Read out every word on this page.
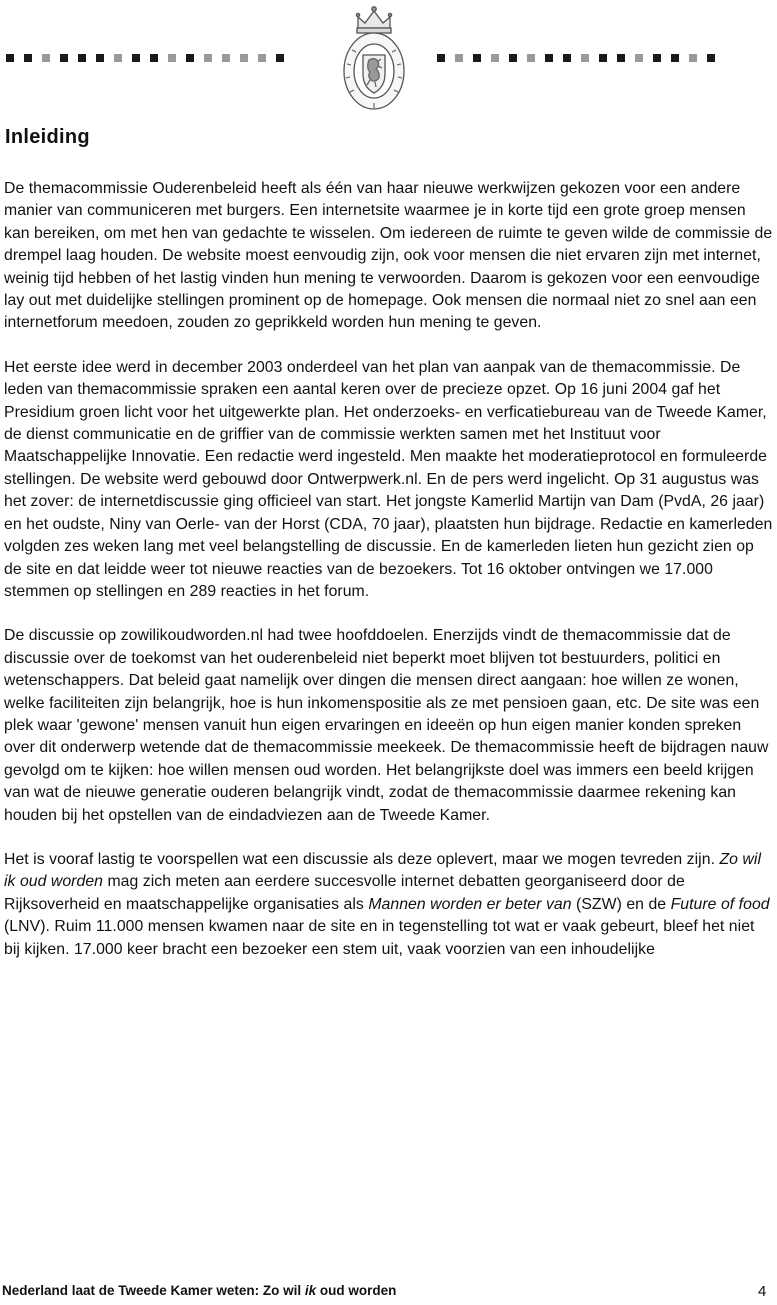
Inleiding

De themacommissie Ouderenbeleid heeft als één van haar nieuwe werkwijzen gekozen voor een andere manier van communiceren met burgers. Een internetsite waarmee je in korte tijd een grote groep mensen kan bereiken, om met hen van gedachte te wisselen. Om iedereen de ruimte te geven wilde de commissie de drempel laag houden. De website moest eenvoudig zijn, ook voor mensen die niet ervaren zijn met internet, weinig tijd hebben of het lastig vinden hun mening te verwoorden. Daarom is gekozen voor een eenvoudige lay out met duidelijke stellingen prominent op de homepage. Ook mensen die normaal niet zo snel aan een internetforum meedoen, zouden zo geprikkeld worden hun mening te geven.

Het eerste idee werd in december 2003 onderdeel van het plan van aanpak van de themacommissie. De leden van themacommissie spraken een aantal keren over de precieze opzet. Op 16 juni 2004 gaf het Presidium groen licht voor het uitgewerkte plan. Het onderzoeks- en verficatiebureau van de Tweede Kamer, de dienst communicatie en de griffier van de commissie werkten samen met het Instituut voor Maatschappelijke Innovatie. Een redactie werd ingesteld. Men maakte het moderatieprotocol en formuleerde stellingen. De website werd gebouwd door Ontwerpwerk.nl. En de pers werd ingelicht. Op 31 augustus was het zover: de internetdiscussie ging officieel van start. Het jongste Kamerlid Martijn van Dam (PvdA, 26 jaar) en het oudste, Niny van Oerle- van der Horst (CDA, 70 jaar), plaatsten hun bijdrage. Redactie en kamerleden volgden zes weken lang met veel belangstelling de discussie. En de kamerleden lieten hun gezicht zien op de site en dat leidde weer tot nieuwe reacties van de bezoekers. Tot 16 oktober ontvingen we 17.000 stemmen op stellingen en 289 reacties in het forum.

De discussie op zowilikoudworden.nl had twee hoofddoelen. Enerzijds vindt de themacommissie dat de discussie over de toekomst van het ouderenbeleid niet beperkt moet blijven tot bestuurders, politici en wetenschappers. Dat beleid gaat namelijk over dingen die mensen direct aangaan: hoe willen ze wonen, welke faciliteiten zijn belangrijk, hoe is hun inkomenspositie als ze met pensioen gaan, etc. De site was een plek waar 'gewone' mensen vanuit hun eigen ervaringen en ideeën op hun eigen manier konden spreken over dit onderwerp wetende dat de themacommissie meekeek. De themacommissie heeft de bijdragen nauw gevolgd om te kijken: hoe willen mensen oud worden. Het belangrijkste doel was immers een beeld krijgen van wat de nieuwe generatie ouderen belangrijk vindt, zodat de themacommissie daarmee rekening kan houden bij het opstellen van de eindadviezen aan de Tweede Kamer.

Het is vooraf lastig te voorspellen wat een discussie als deze oplevert, maar we mogen tevreden zijn. Zo wil ik oud worden mag zich meten aan eerdere succesvolle internet debatten georganiseerd door de Rijksoverheid en maatschappelijke organisaties als Mannen worden er beter van (SZW) en de Future of food (LNV). Ruim 11.000 mensen kwamen naar de site en in tegenstelling tot wat er vaak gebeurt, bleef het niet bij kijken. 17.000 keer bracht een bezoeker een stem uit, vaak voorzien van een inhoudelijke

Nederland laat de Tweede Kamer weten: Zo wil ik oud worden	4
